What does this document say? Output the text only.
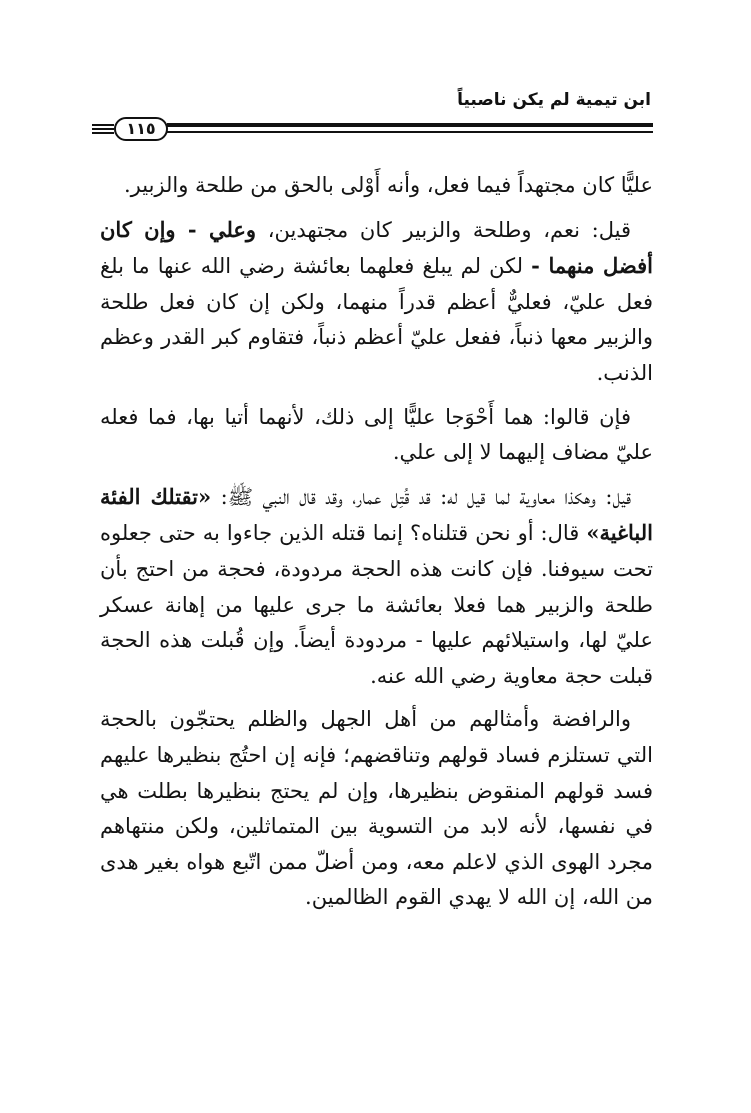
ابن تيمية لم يكن ناصبياً
١١٥

عليًّا كان مجتهداً فيما فعل، وأنه أَوْلى بالحق من طلحة والزبير.

قيل: نعم، وطلحة والزبير كان مجتهدين، وعلي - وإن كان أفضل منهما - لكن لم يبلغ فعلهما بعائشة رضي الله عنها ما بلغ فعل عليّ، فعليٌّ أعظم قدراً منهما، ولكن إن كان فعل طلحة والزبير معها ذنباً، ففعل عليّ أعظم ذنباً، فتقاوم كبر القدر وعظم الذنب.

فإن قالوا: هما أَحْوَجا عليًّا إلى ذلك، لأنهما أتيا بها، فما فعله عليّ مضاف إليهما لا إلى علي.

قيل: وهكذا معاوية لما قيل له: قد قُتِل عمار، وقد قال النبي ﷺ: «تقتلك الفئة الباغية» قال: أو نحن قتلناه؟ إنما قتله الذين جاءوا به حتى جعلوه تحت سيوفنا. فإن كانت هذه الحجة مردودة، فحجة من احتج بأن طلحة والزبير هما فعلا بعائشة ما جرى عليها من إهانة عسكر عليّ لها، واستيلائهم عليها - مردودة أيضاً. وإن قُبلت هذه الحجة قبلت حجة معاوية رضي الله عنه.

والرافضة وأمثالهم من أهل الجهل والظلم يحتجّون بالحجة التي تستلزم فساد قولهم وتناقضهم؛ فإنه إن احتُج بنظيرها عليهم فسد قولهم المنقوض بنظيرها، وإن لم يحتج بنظيرها بطلت هي في نفسها، لأنه لابد من التسوية بين المتماثلين، ولكن منتهاهم مجرد الهوى الذي لاعلم معه، ومن أضلّ ممن اتّبع هواه بغير هدى من الله، إن الله لا يهدي القوم الظالمين.
